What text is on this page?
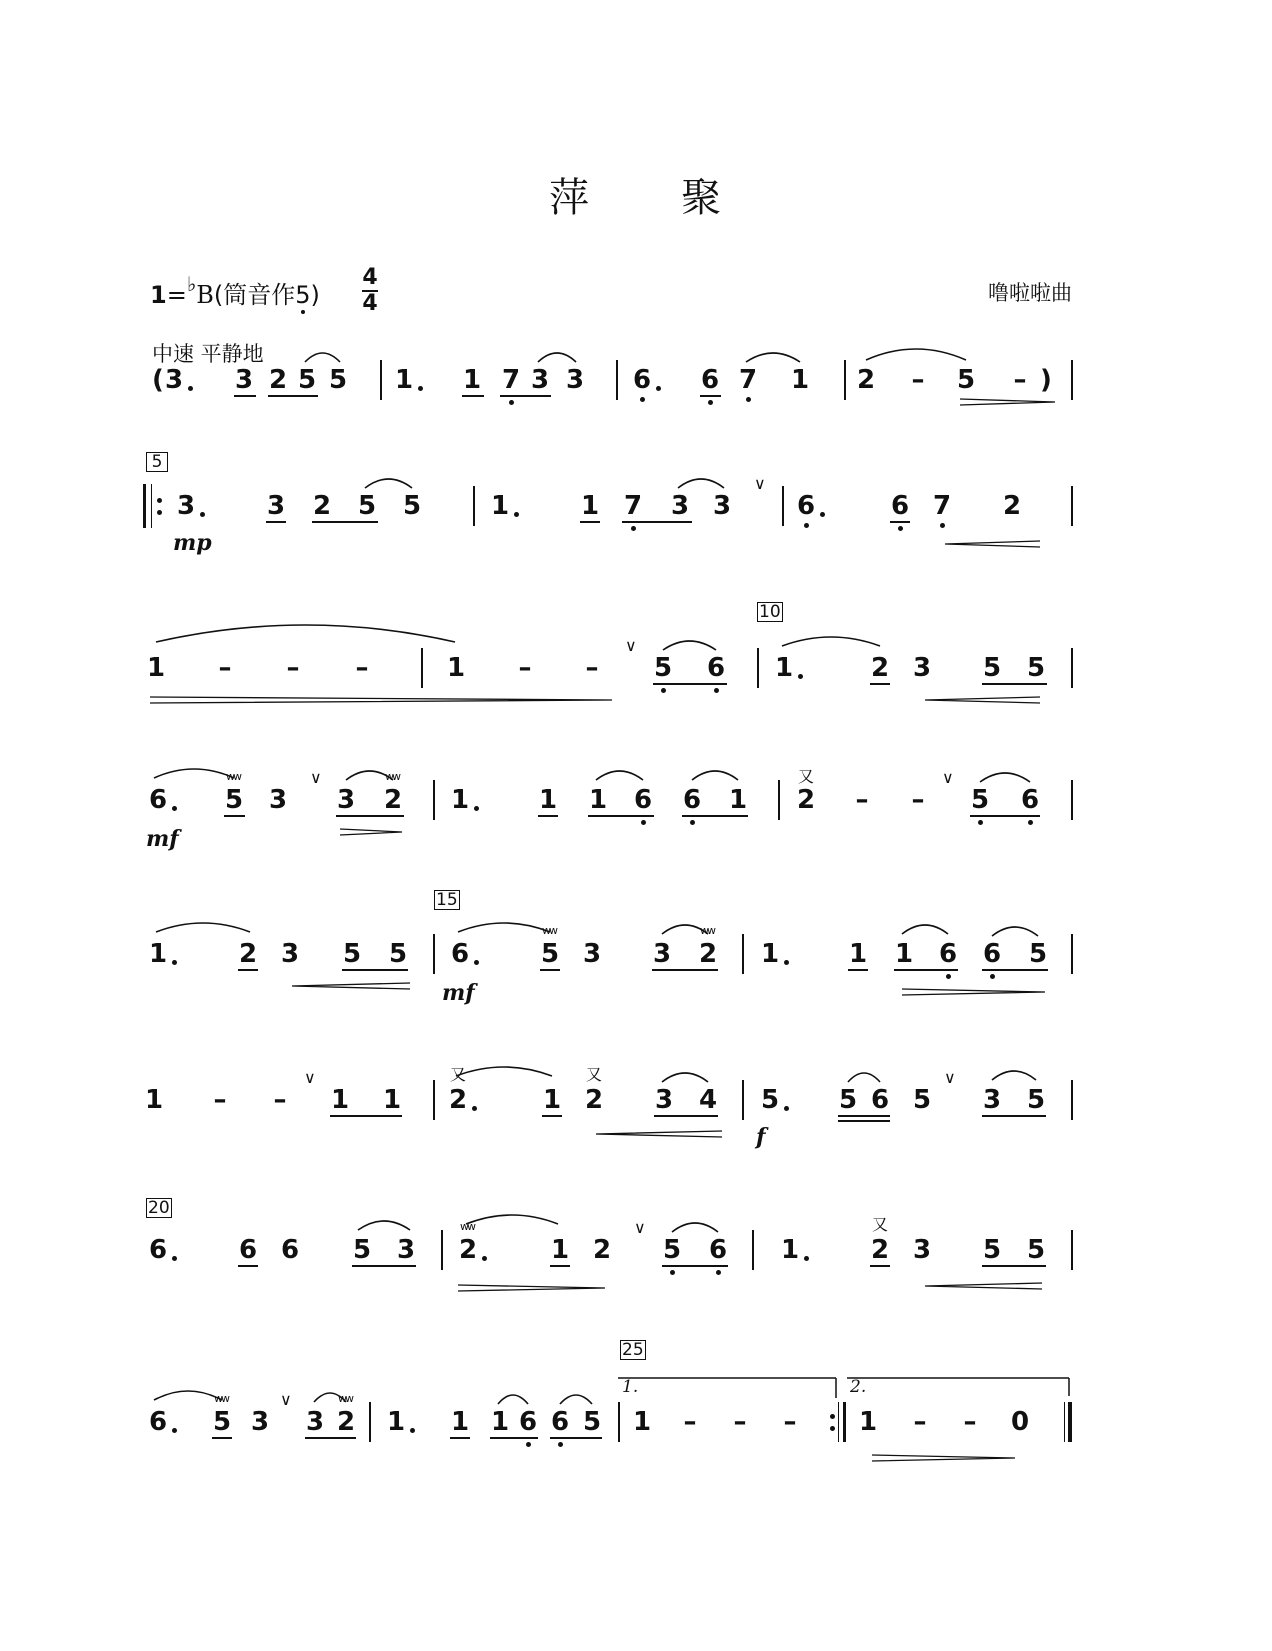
萍 聚
1=♭B(筒音作5)
4
4	噜啦啦曲
中速 平静地
( 3 3 2 5 5 1 1 7 3 3 6 6 7 1 2 – 5 – )
5
3
mp
3 2 5 5	1	1 7 3 3
∨
6	6 7 2
10
1 – – –	1 – –
∨
5 6 1	2 3 5 5
6
mf
5
ww
3
∨
3 2
ww
1	1 1 6 6 1 2
又
– –
∨
5 6
15
1	2 3 5 5 6
mf
5
ww
3 3 2
ww
1	1 1 6 6 5
1 – –
∨
1 1 2
又
1 2
又
3 4 5
f
5 6 5
∨
3 5
20
6	6 6 5 3 2
ww
1 2
∨
5 6 1	2
又
3 5 5
25
6 5
ww
3
∨
3 2
ww
1 1 1 6 6 5
1.
1 – – –
2.
1 – – 0
